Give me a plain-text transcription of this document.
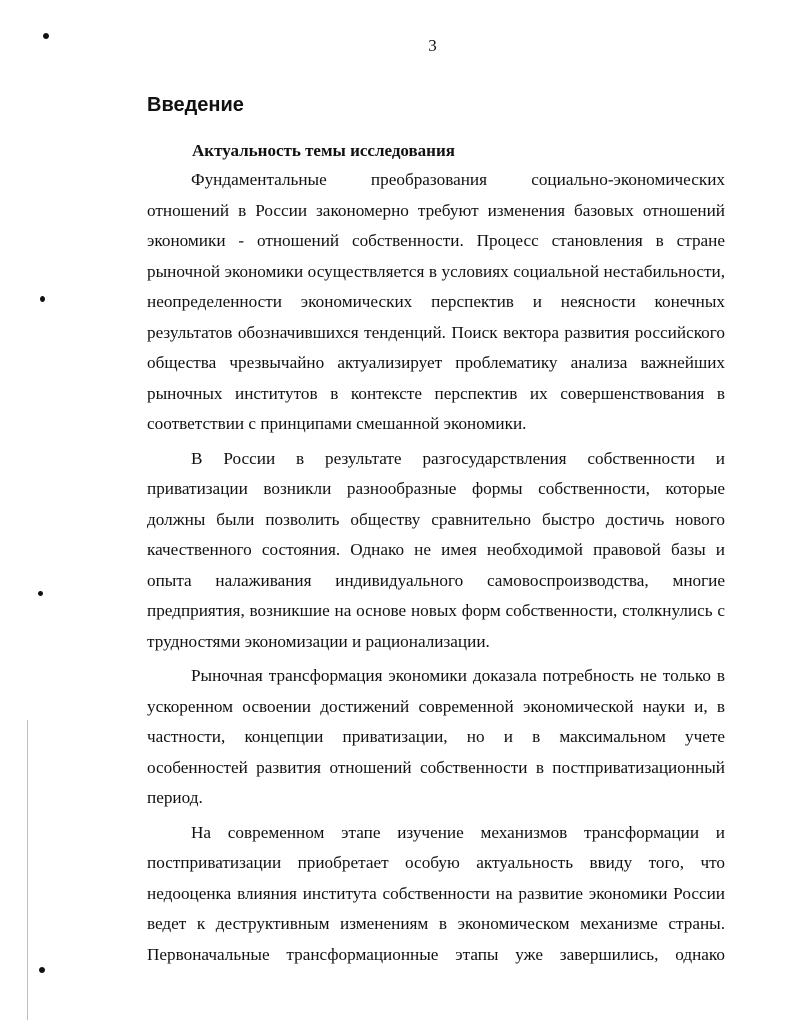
3
Введение
Актуальность темы исследования

Фундаментальные преобразования социально-экономических отношений в России закономерно требуют изменения базовых отношений экономики - отношений собственности. Процесс становления в стране рыночной экономики осуществляется в условиях социальной нестабильности, неопределенности экономических перспектив и неясности конечных результатов обозначившихся тенденций. Поиск вектора развития российского общества чрезвычайно актуализирует проблематику анализа важнейших рыночных институтов в контексте перспектив их совершенствования в соответствии с принципами смешанной экономики.

В России в результате разгосударствления собственности и приватизации возникли разнообразные формы собственности, которые должны были позволить обществу сравнительно быстро достичь нового качественного состояния. Однако не имея необходимой правовой базы и опыта налаживания индивидуального самовоспроизводства, многие предприятия, возникшие на основе новых форм собственности, столкнулись с трудностями экономизации и рационализации.

Рыночная трансформация экономики доказала потребность не только в ускоренном освоении достижений современной экономической науки и, в частности, концепции приватизации, но и в максимальном учете особенностей развития отношений собственности в постприватизационный период.

На современном этапе изучение механизмов трансформации и постприватизации приобретает особую актуальность ввиду того, что недооценка влияния института собственности на развитие экономики России ведет к деструктивным изменениям в экономическом механизме страны. Первоначальные трансформационные этапы уже завершились, однако
